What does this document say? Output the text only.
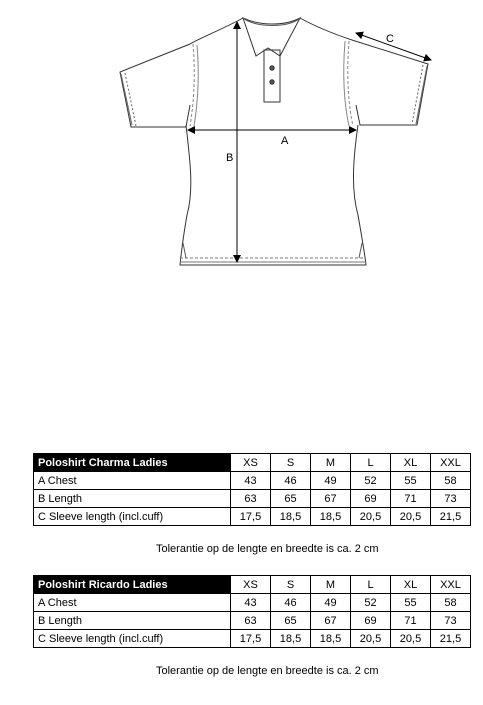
A
B
C
Poloshirt Charma Ladies	XS	S	M	L	XL	XXL
A Chest	43	46	49	52	55	58
B Length	63	65	67	69	71	73
C Sleeve length (incl.cuff)	17,5	18,5	18,5	20,5	20,5	21,5
Tolerantie op de lengte en breedte is ca. 2 cm
Poloshirt Ricardo Ladies	XS	S	M	L	XL	XXL
A Chest	43	46	49	52	55	58
B Length	63	65	67	69	71	73
C Sleeve length (incl.cuff)	17,5	18,5	18,5	20,5	20,5	21,5
Tolerantie op de lengte en breedte is ca. 2 cm
